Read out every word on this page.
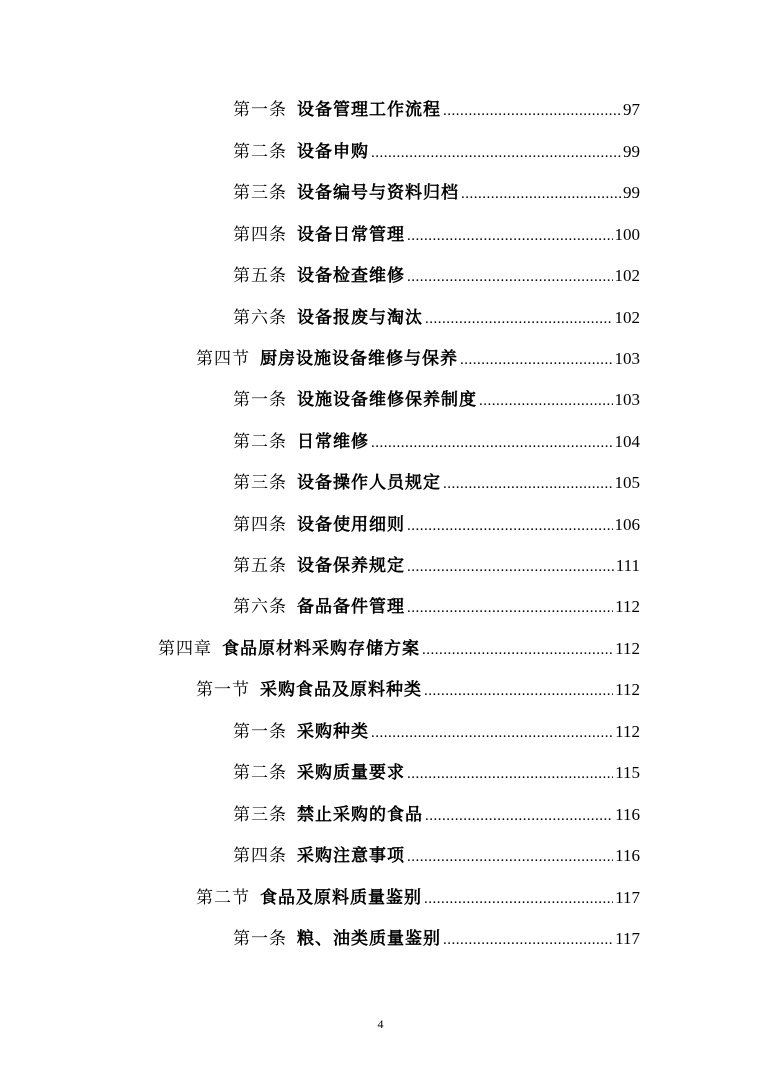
第一条 设备管理工作流程 .....	97
第二条 设备申购 .....	99
第三条 设备编号与资料归档 .....	99
第四条 设备日常管理 .....	100
第五条 设备检查维修 .....	102
第六条 设备报废与淘汰 .....	102
第四节 厨房设施设备维修与保养 .....	103
第一条 设施设备维修保养制度 .....	103
第二条 日常维修 .....	104
第三条 设备操作人员规定 .....	105
第四条 设备使用细则 .....	106
第五条 设备保养规定 .....	111
第六条 备品备件管理 .....	112
第四章 食品原材料采购存储方案 .....	112
第一节 采购食品及原料种类 .....	112
第一条 采购种类 .....	112
第二条 采购质量要求 .....	115
第三条 禁止采购的食品 .....	116
第四条 采购注意事项 .....	116
第二节 食品及原料质量鉴别 .....	117
第一条 粮、油类质量鉴别 .....	117
4
